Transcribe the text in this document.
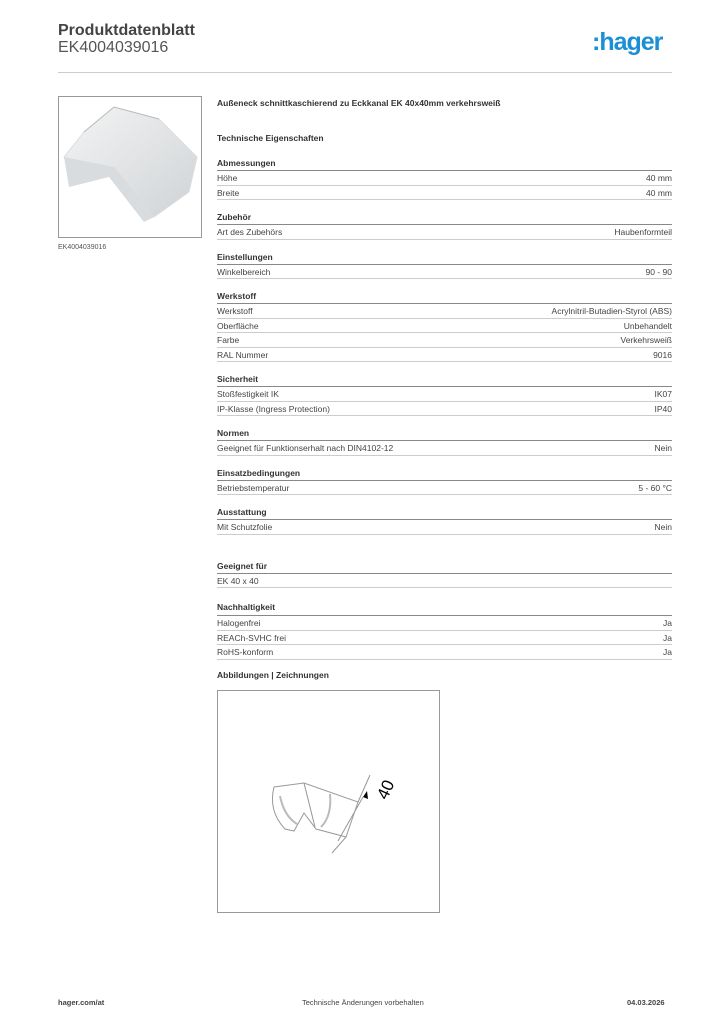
Produktdatenblatt
EK4004039016	:hager
EK4004039016
Außeneck schnittkaschierend zu Eckkanal EK 40x40mm verkehrsweiß
Technische Eigenschaften
Abmessungen
Höhe	40 mm
Breite	40 mm
Zubehör
Art des Zubehörs	Haubenformteil
Einstellungen
Winkelbereich	90 - 90
Werkstoff
Werkstoff	Acrylnitril-Butadien-Styrol (ABS)
Oberfläche	Unbehandelt
Farbe	Verkehrsweiß
RAL Nummer	9016
Sicherheit
Stoßfestigkeit IK	IK07
IP-Klasse (Ingress Protection)	IP40
Normen
Geeignet für Funktionserhalt nach DIN4102-12	Nein
Einsatzbedingungen
Betriebstemperatur	5 - 60 °C
Ausstattung
Mit Schutzfolie	Nein
Geeignet für
EK 40 x 40
Nachhaltigkeit
Halogenfrei	Ja
REACh-SVHC frei	Ja
RoHS-konform	Ja
Abbildungen | Zeichnungen
40
hager.com/at	Technische Änderungen vorbehalten	04.03.2026
